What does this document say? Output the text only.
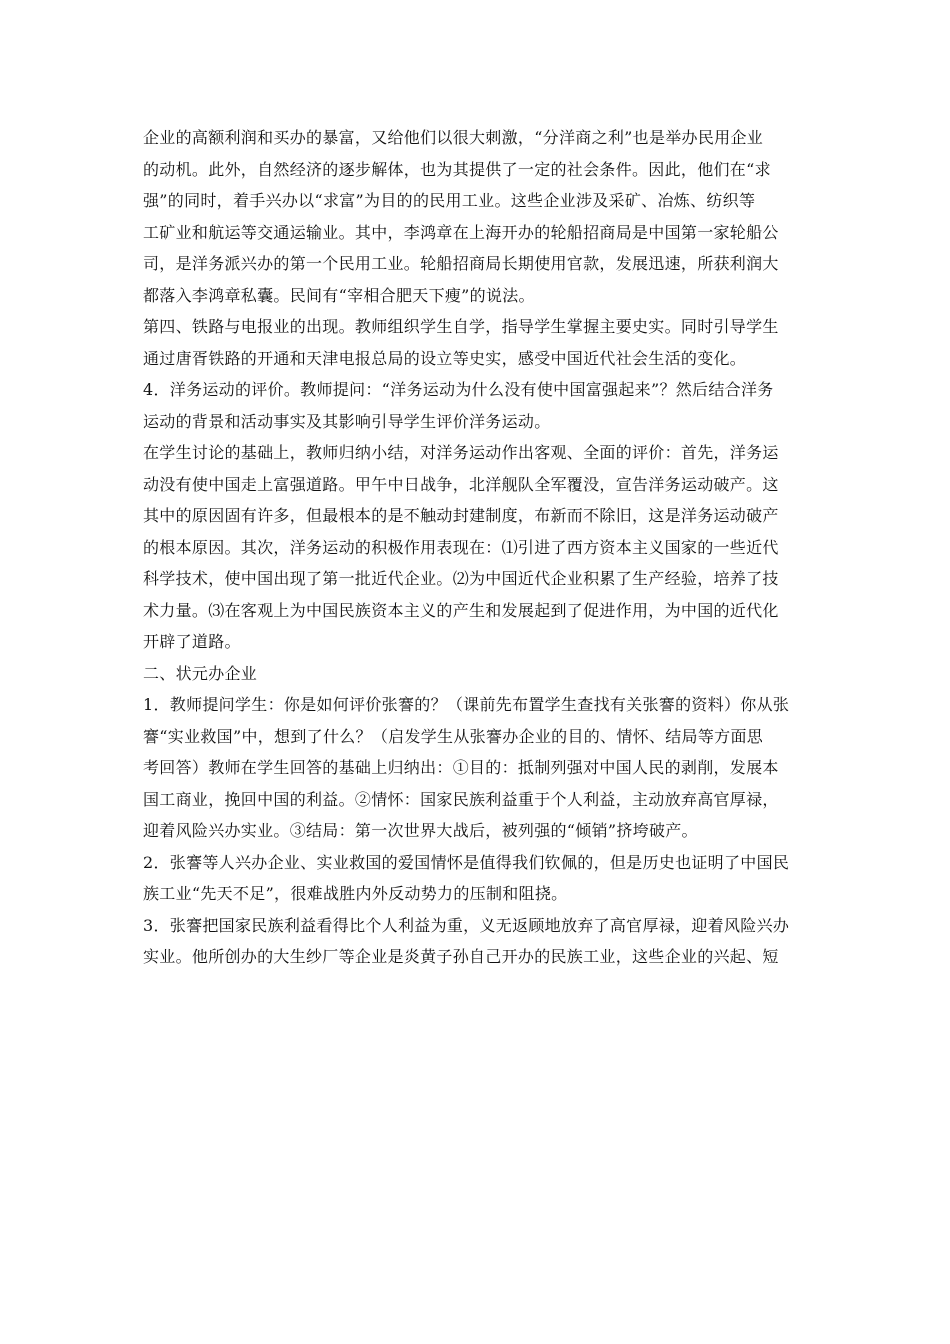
企业的高额利润和买办的暴富，又给他们以很大刺激，“分洋商之利”也是举办民用企业
的动机。此外，自然经济的逐步解体，也为其提供了一定的社会条件。因此，他们在“求
强”的同时，着手兴办以“求富”为目的的民用工业。这些企业涉及采矿、冶炼、纺织等
工矿业和航运等交通运输业。其中，李鸿章在上海开办的轮船招商局是中国第一家轮船公
司，是洋务派兴办的第一个民用工业。轮船招商局长期使用官款，发展迅速，所获利润大
都落入李鸿章私囊。民间有“宰相合肥天下瘦”的说法。
第四、铁路与电报业的出现。教师组织学生自学，指导学生掌握主要史实。同时引导学生
通过唐胥铁路的开通和天津电报总局的设立等史实，感受中国近代社会生活的变化。
4．洋务运动的评价。教师提问：“洋务运动为什么没有使中国富强起来”？然后结合洋务
运动的背景和活动事实及其影响引导学生评价洋务运动。
在学生讨论的基础上，教师归纳小结，对洋务运动作出客观、全面的评价：首先，洋务运
动没有使中国走上富强道路。甲午中日战争，北洋舰队全军覆没，宣告洋务运动破产。这
其中的原因固有许多，但最根本的是不触动封建制度，布新而不除旧，这是洋务运动破产
的根本原因。其次，洋务运动的积极作用表现在：⑴引进了西方资本主义国家的一些近代
科学技术，使中国出现了第一批近代企业。⑵为中国近代企业积累了生产经验，培养了技
术力量。⑶在客观上为中国民族资本主义的产生和发展起到了促进作用，为中国的近代化
开辟了道路。
二、状元办企业
1．教师提问学生：你是如何评价张謇的？（课前先布置学生查找有关张謇的资料）你从张
謇“实业救国”中，想到了什么？（启发学生从张謇办企业的目的、情怀、结局等方面思
考回答）教师在学生回答的基础上归纳出：①目的：抵制列强对中国人民的剥削，发展本
国工商业，挽回中国的利益。②情怀：国家民族利益重于个人利益，主动放弃高官厚禄，
迎着风险兴办实业。③结局：第一次世界大战后，被列强的“倾销”挤垮破产。
2．张謇等人兴办企业、实业救国的爱国情怀是值得我们钦佩的，但是历史也证明了中国民
族工业“先天不足”，很难战胜内外反动势力的压制和阻挠。
3．张謇把国家民族利益看得比个人利益为重，义无返顾地放弃了高官厚禄，迎着风险兴办
实业。他所创办的大生纱厂等企业是炎黄子孙自己开办的民族工业，这些企业的兴起、短
